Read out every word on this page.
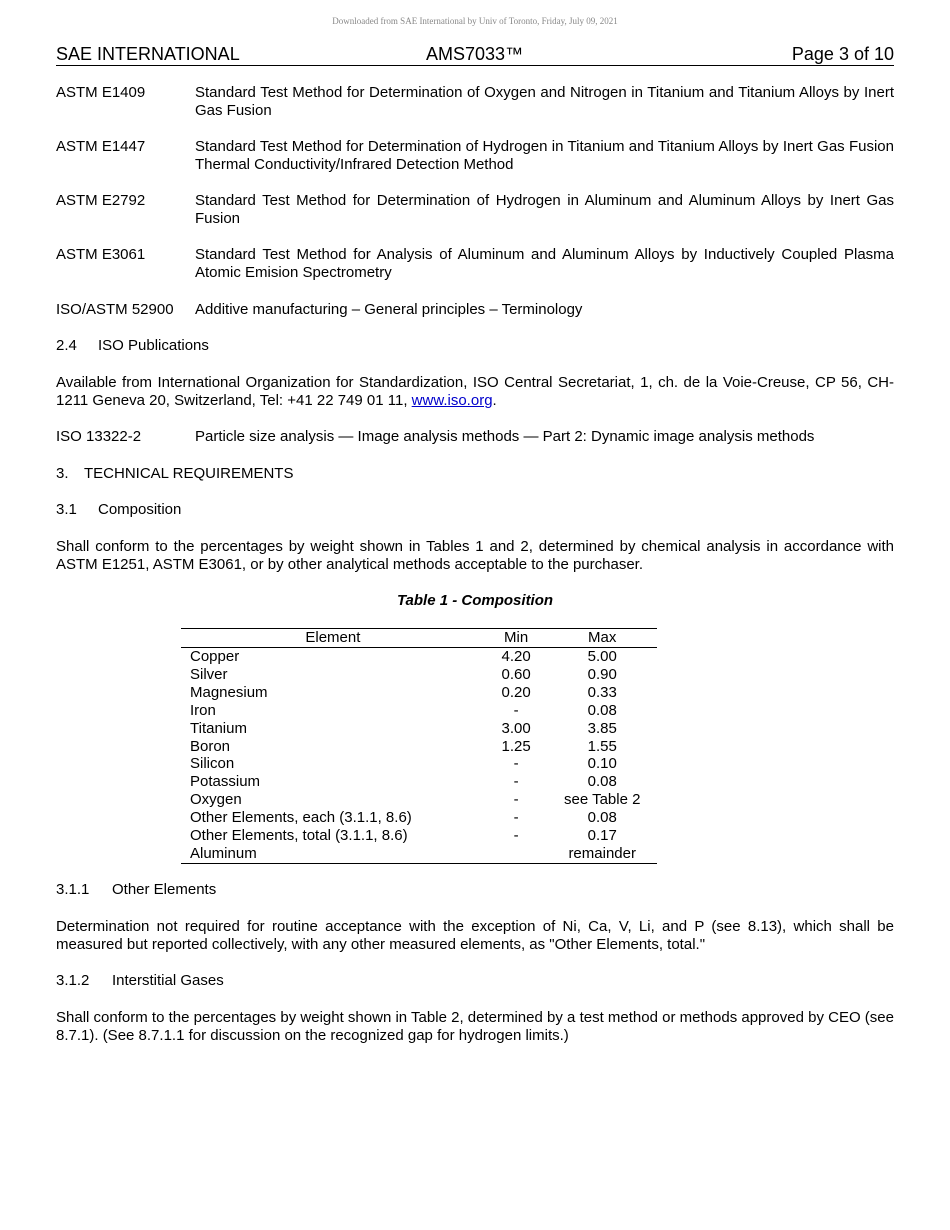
Downloaded from SAE International by Univ of Toronto, Friday, July 09, 2021
SAE INTERNATIONAL	AMS7033™	Page 3 of 10
ASTM E1409	Standard Test Method for Determination of Oxygen and Nitrogen in Titanium and Titanium Alloys by Inert Gas Fusion
ASTM E1447	Standard Test Method for Determination of Hydrogen in Titanium and Titanium Alloys by Inert Gas Fusion Thermal Conductivity/Infrared Detection Method
ASTM E2792	Standard Test Method for Determination of Hydrogen in Aluminum and Aluminum Alloys by Inert Gas Fusion
ASTM E3061	Standard Test Method for Analysis of Aluminum and Aluminum Alloys by Inductively Coupled Plasma Atomic Emision Spectrometry
ISO/ASTM 52900	Additive manufacturing – General principles – Terminology
2.4 ISO Publications
Available from International Organization for Standardization, ISO Central Secretariat, 1, ch. de la Voie-Creuse, CP 56, CH-1211 Geneva 20, Switzerland, Tel: +41 22 749 01 11, www.iso.org.
ISO 13322-2	Particle size analysis — Image analysis methods — Part 2: Dynamic image analysis methods
3. TECHNICAL REQUIREMENTS
3.1 Composition
Shall conform to the percentages by weight shown in Tables 1 and 2, determined by chemical analysis in accordance with ASTM E1251, ASTM E3061, or by other analytical methods acceptable to the purchaser.
Table 1 - Composition
Element	Min	Max
Copper	4.20	5.00
Silver	0.60	0.90
Magnesium	0.20	0.33
Iron	-	0.08
Titanium	3.00	3.85
Boron	1.25	1.55
Silicon	-	0.10
Potassium	-	0.08
Oxygen	-	see Table 2
Other Elements, each (3.1.1, 8.6)	-	0.08
Other Elements, total (3.1.1, 8.6)	-	0.17
Aluminum		remainder
3.1.1 Other Elements
Determination not required for routine acceptance with the exception of Ni, Ca, V, Li, and P (see 8.13), which shall be measured but reported collectively, with any other measured elements, as "Other Elements, total."
3.1.2 Interstitial Gases
Shall conform to the percentages by weight shown in Table 2, determined by a test method or methods approved by CEO (see 8.7.1). (See 8.7.1.1 for discussion on the recognized gap for hydrogen limits.)
